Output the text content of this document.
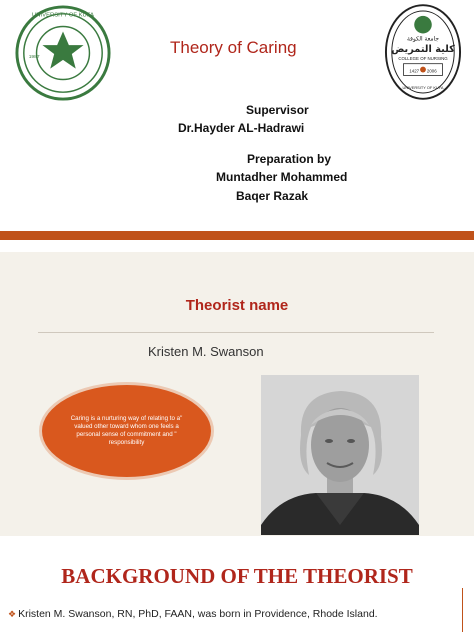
UNIVERSITY OF KUFA
1987
Theory of Caring	جامعة الكوفة
كلية التمريض
COLLEGE OF NURSING
1427 2006
UNIVERSITY OF KUFA
Supervisor
Dr.Hayder AL-Hadrawi
Preparation by
Muntadher Mohammed
Baqer Razak
Theorist name
Kristen M. Swanson
Caring is a nurturing way of relating to a" valued other toward whom one feels a personal sense of commitment and " responsibility
BACKGROUND OF THE THEORIST
❖ Kristen M. Swanson, RN, PhD, FAAN, was born in Providence, Rhode Island.
